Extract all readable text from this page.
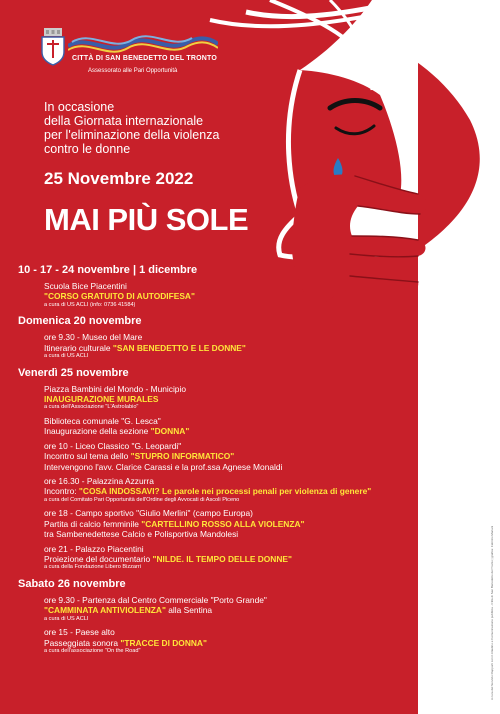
CITTÀ DI SAN BENEDETTO DEL TRONTO
Assessorato alle Pari Opportunità
In occasione
della Giornata internazionale
per l'eliminazione della violenza
contro le donne
25 Novembre 2022
MAI PIÙ SOLE
10 - 17 - 24 novembre | 1 dicembre
Scuola Bice Piacentini
"CORSO GRATUITO DI AUTODIFESA"
a cura di US ACLI (info: 0736 41584)
Domenica 20 novembre
ore 9.30 - Museo del Mare
Itinerario culturale "SAN BENEDETTO E LE DONNE"
a cura di US ACLI
Venerdì 25 novembre
Piazza Bambini del Mondo - Municipio
INAUGURAZIONE MURALES
a cura dell'Associazione "L'Astrolabio"
Biblioteca comunale "G. Lesca"
Inaugurazione della sezione "DONNA"
ore 10 - Liceo Classico "G. Leopardi"
Incontro sul tema dello "STUPRO INFORMATICO"
Intervengono l'avv. Clarice Carassi e la prof.ssa Agnese Monaldi
ore 16.30 - Palazzina Azzurra
Incontro: "COSA INDOSSAVI? Le parole nei processi penali per violenza di genere"
a cura del Comitato Pari Opportunità dell'Ordine degli Avvocati di Ascoli Piceno
ore 18 - Campo sportivo "Giulio Merlini" (campo Europa)
Partita di calcio femminile "CARTELLINO ROSSO ALLA VIOLENZA"
tra Sambenedettese Calcio e Polisportiva Mandolesi
ore 21 - Palazzo Piacentini
Proiezione del documentario "NILDE. IL TEMPO DELLE DONNE"
a cura della Fondazione Libero Bizzarri
Sabato 26 novembre
ore 9.30 - Partenza dal Centro Commerciale "Porto Grande"
"CAMMINATA ANTIVIOLENZA" alla Sentina
a cura di US ACLI
ore 15 - Paese alto
Passeggiata sonora "TRACCE DI DONNA"
a cura dell'associazione "On the Road"	A cura del Servizio Rapporti con il cittadino e Comunicazione pubblica - Città di San Benedetto del Tronto | grafica: Fabrizio Mariani
